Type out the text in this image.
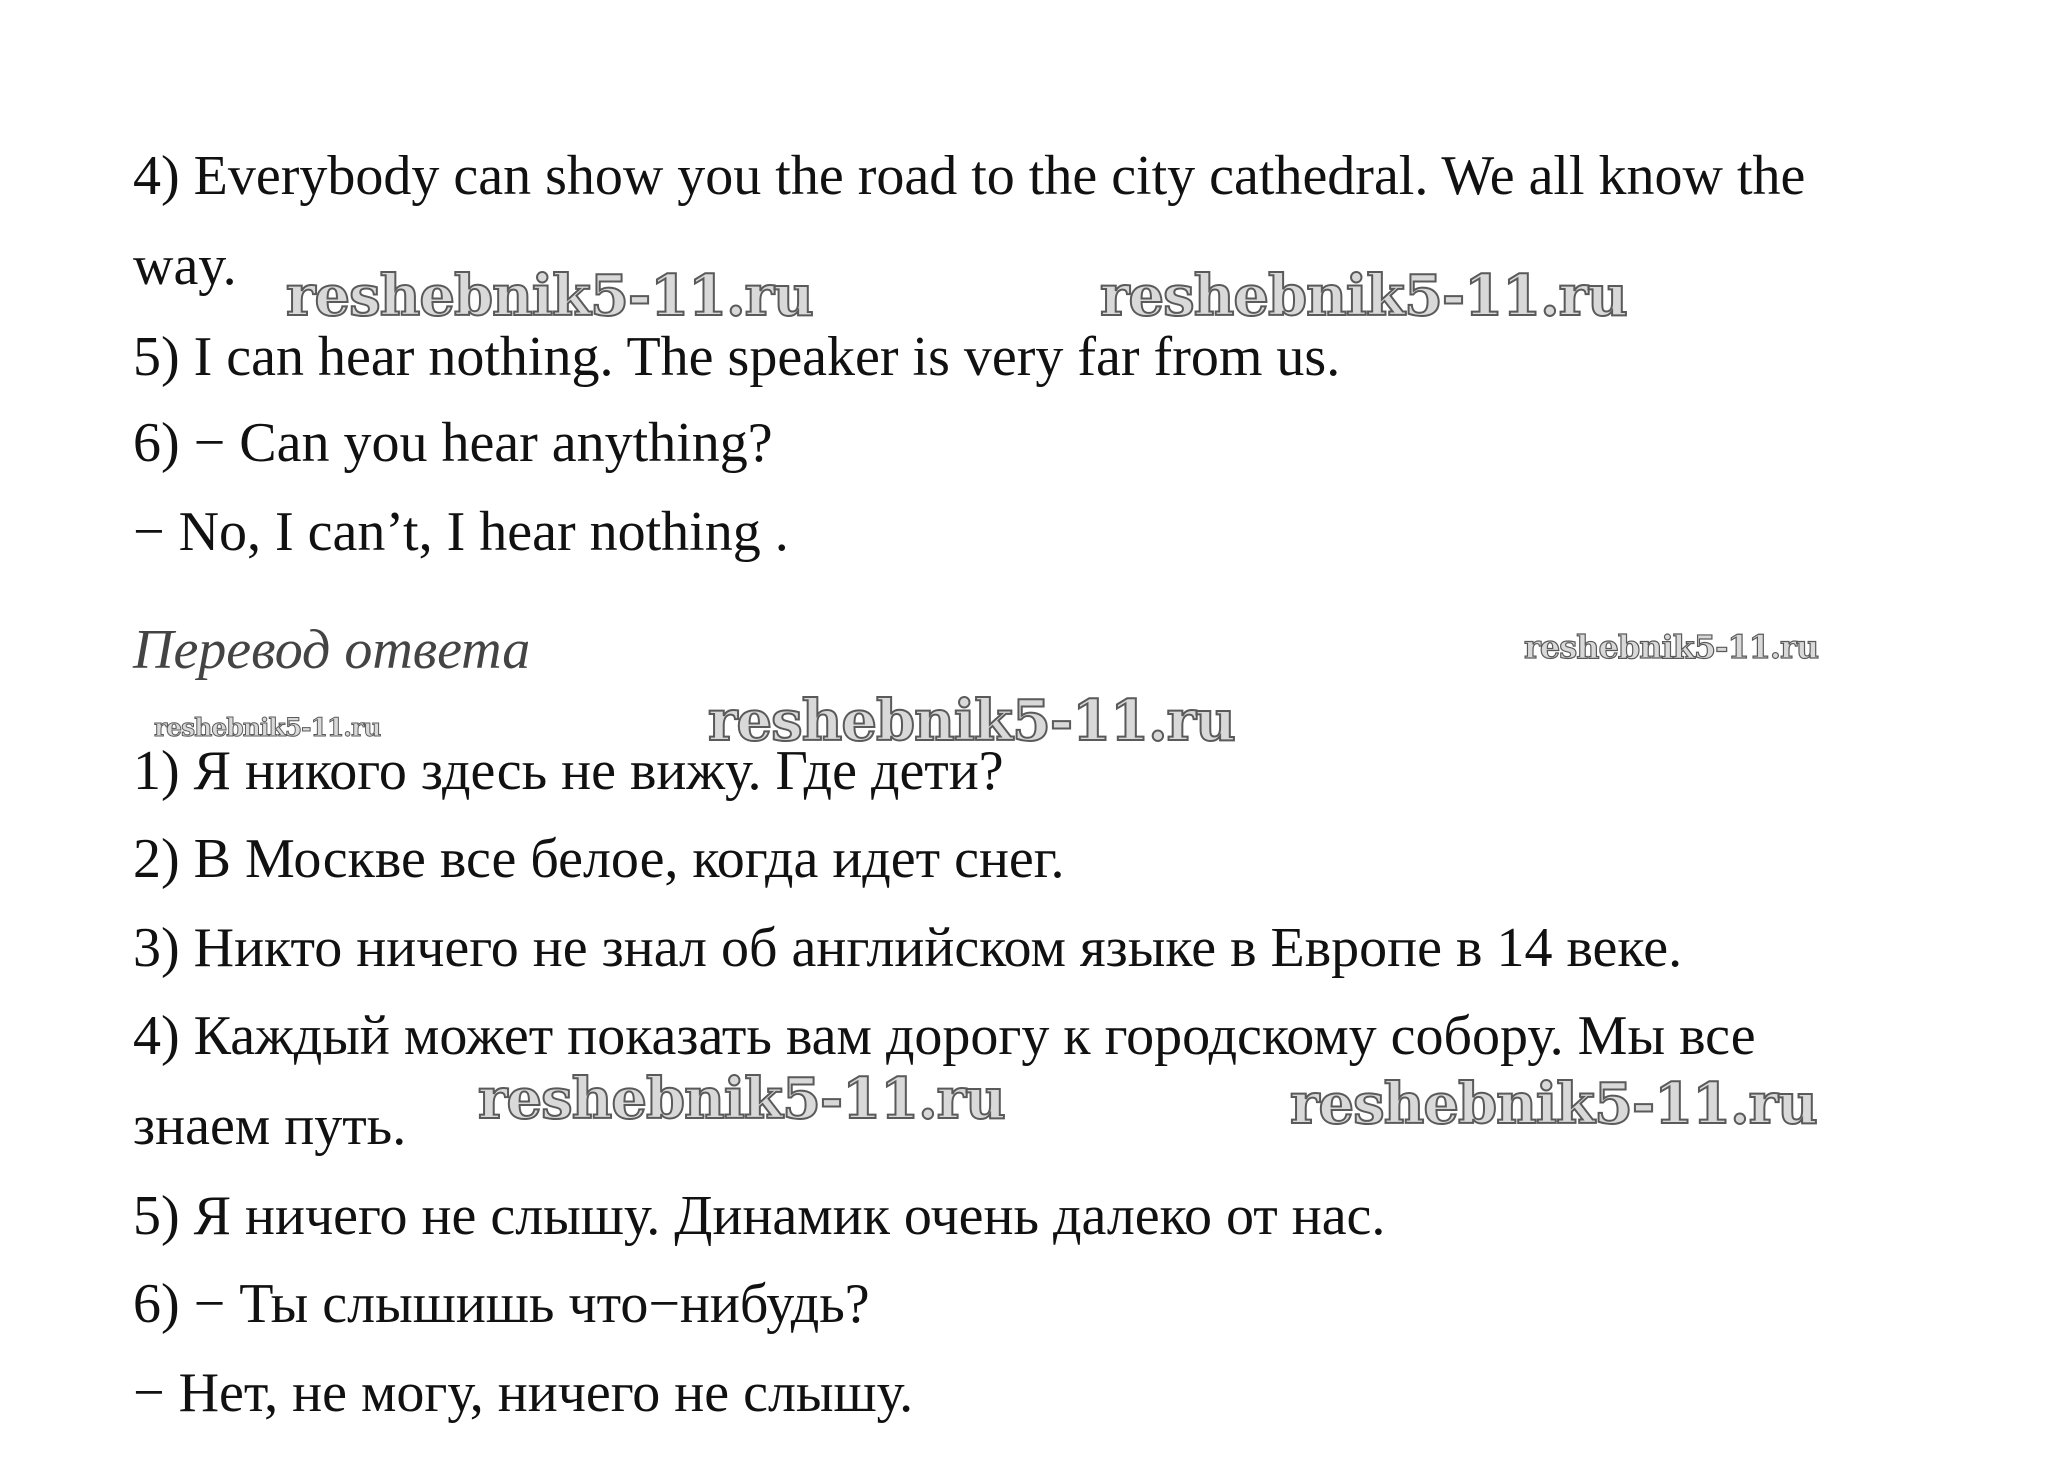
4) Everybody can show you the road to the city cathedral. We all know the

way.

5) I can hear nothing. The speaker is very far from us.

6) − Can you hear anything?

− No, I can’t, I hear nothing .

Перевод ответа

1) Я никого здесь не вижу. Где дети?

2) В Москве все белое, когда идет снег.

3) Никто ничего не знал об английском языке в Европе в 14 веке.

4) Каждый может показать вам дорогу к городскому собору. Мы все

знаем путь.

5) Я ничего не слышу. Динамик очень далеко от нас.

6) − Ты слышишь что−нибудь?

− Нет, не могу, ничего не слышу.

reshebnik5-11.ru	reshebnik5-11.ru
reshebnik5-11.ru
reshebnik5-11.ru	reshebnik5-11.ru
reshebnik5-11.ru	reshebnik5-11.ru
